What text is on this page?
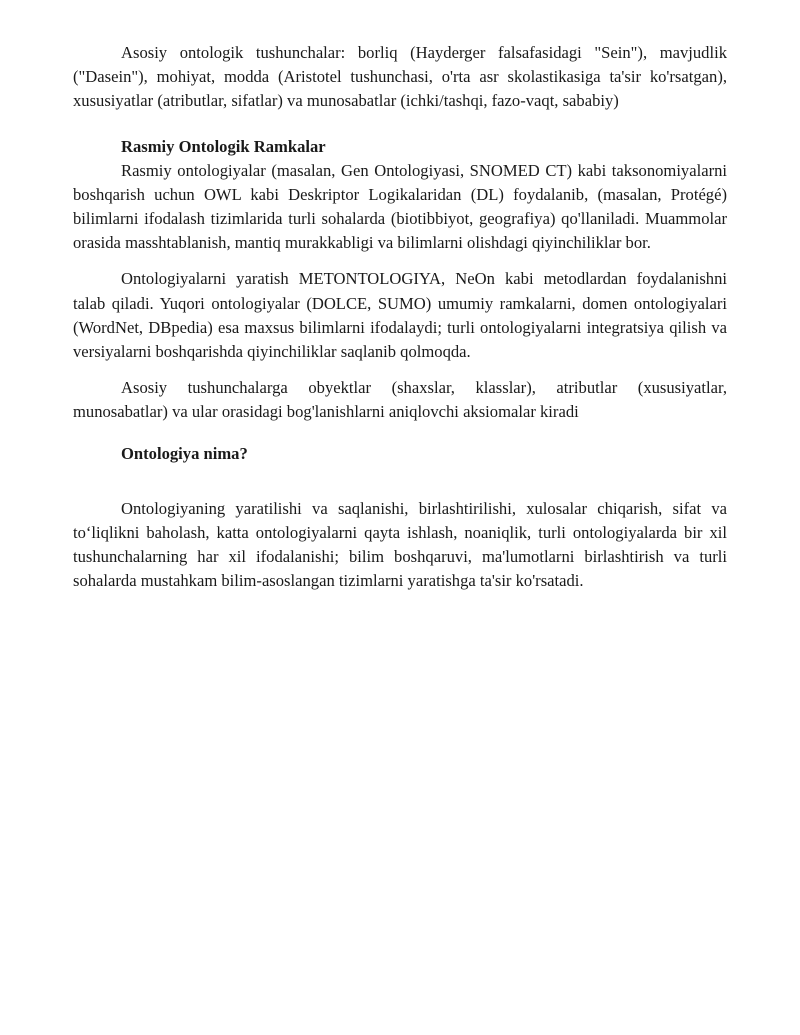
Asosiy ontologik tushunchalar: borliq (Hayderger falsafasidagi "Sein"), mavjudlik ("Dasein"), mohiyat, modda (Aristotel tushunchasi, o'rta asr skolastikasiga ta'sir ko'rsatgan), xususiyatlar (atributlar, sifatlar) va munosabatlar (ichki/tashqi, fazo-vaqt, sababiy)

Rasmiy Ontologik Ramkalar

Rasmiy ontologiyalar (masalan, Gen Ontologiyasi, SNOMED CT) kabi taksonomiyalarni boshqarish uchun OWL kabi Deskriptor Logikalaridan (DL) foydalanib, (masalan, Protégé) bilimlarni ifodalash tizimlarida turli sohalarda (biotibbiyot, geografiya) qo'llaniladi. Muammolar orasida masshtablanish, mantiq murakkabligi va bilimlarni olishdagi qiyinchiliklar bor.

Ontologiyalarni yaratish METONTOLOGIYA, NeOn kabi metodlardan foydalanishni talab qiladi. Yuqori ontologiyalar (DOLCE, SUMO) umumiy ramkalarni, domen ontologiyalari (WordNet, DBpedia) esa maxsus bilimlarni ifodalaydi; turli ontologiyalarni integratsiya qilish va versiyalarni boshqarishda qiyinchiliklar saqlanib qolmoqda.

Asosiy tushunchalarga obyektlar (shaxslar, klasslar), atributlar (xususiyatlar, munosabatlar) va ular orasidagi bog'lanishlarni aniqlovchi aksiomalar kiradi

Ontologiya nima?

Ontologiyaning yaratilishi va saqlanishi, birlashtirilishi, xulosalar chiqarish, sifat va to‘liqlikni baholash, katta ontologiyalarni qayta ishlash, noaniqlik, turli ontologiyalarda bir xil tushunchalarning har xil ifodalanishi; bilim boshqaruvi, ma'lumotlarni birlashtirish va turli sohalarda mustahkam bilim-asoslangan tizimlarni yaratishga ta'sir ko'rsatadi.
